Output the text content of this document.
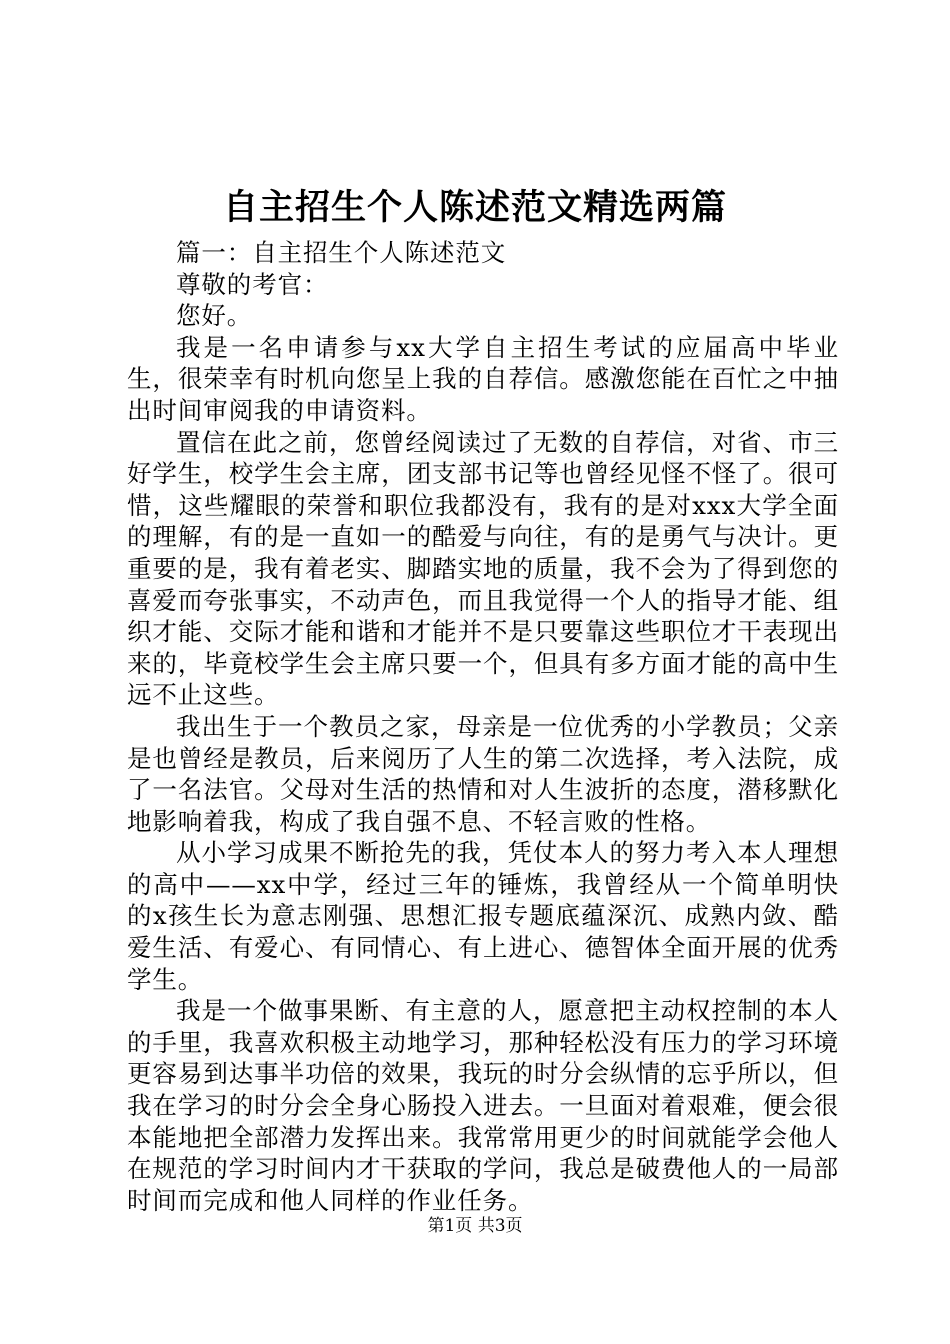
自主招生个人陈述范文精选两篇

篇一：自主招生个人陈述范文

尊敬的考官：

您好。

我是一名申请参与xx大学自主招生考试的应届高中毕业生，很荣幸有时机向您呈上我的自荐信。感激您能在百忙之中抽出时间审阅我的申请资料。

置信在此之前，您曾经阅读过了无数的自荐信，对省、市三好学生，校学生会主席，团支部书记等也曾经见怪不怪了。很可惜，这些耀眼的荣誉和职位我都没有，我有的是对xxx大学全面的理解，有的是一直如一的酷爱与向往，有的是勇气与决计。更重要的是，我有着老实、脚踏实地的质量，我不会为了得到您的喜爱而夸张事实，不动声色，而且我觉得一个人的指导才能、组织才能、交际才能和谐和才能并不是只要靠这些职位才干表现出来的，毕竟校学生会主席只要一个，但具有多方面才能的高中生远不止这些。

我出生于一个教员之家，母亲是一位优秀的小学教员；父亲是也曾经是教员，后来阅历了人生的第二次选择，考入法院，成了一名法官。父母对生活的热情和对人生波折的态度，潜移默化地影响着我，构成了我自强不息、不轻言败的性格。

从小学习成果不断抢先的我，凭仗本人的努力考入本人理想的高中——xx中学，经过三年的锤炼，我曾经从一个简单明快的x孩生长为意志刚强、思想汇报专题底蕴深沉、成熟内敛、酷爱生活、有爱心、有同情心、有上进心、德智体全面开展的优秀学生。

我是一个做事果断、有主意的人，愿意把主动权控制的本人的手里，我喜欢积极主动地学习，那种轻松没有压力的学习环境更容易到达事半功倍的效果，我玩的时分会纵情的忘乎所以，但我在学习的时分会全身心肠投入进去。一旦面对着艰难，便会很本能地把全部潜力发挥出来。我常常用更少的时间就能学会他人在规范的学习时间内才干获取的学问，我总是破费他人的一局部时间而完成和他人同样的作业任务。

第1页 共3页
